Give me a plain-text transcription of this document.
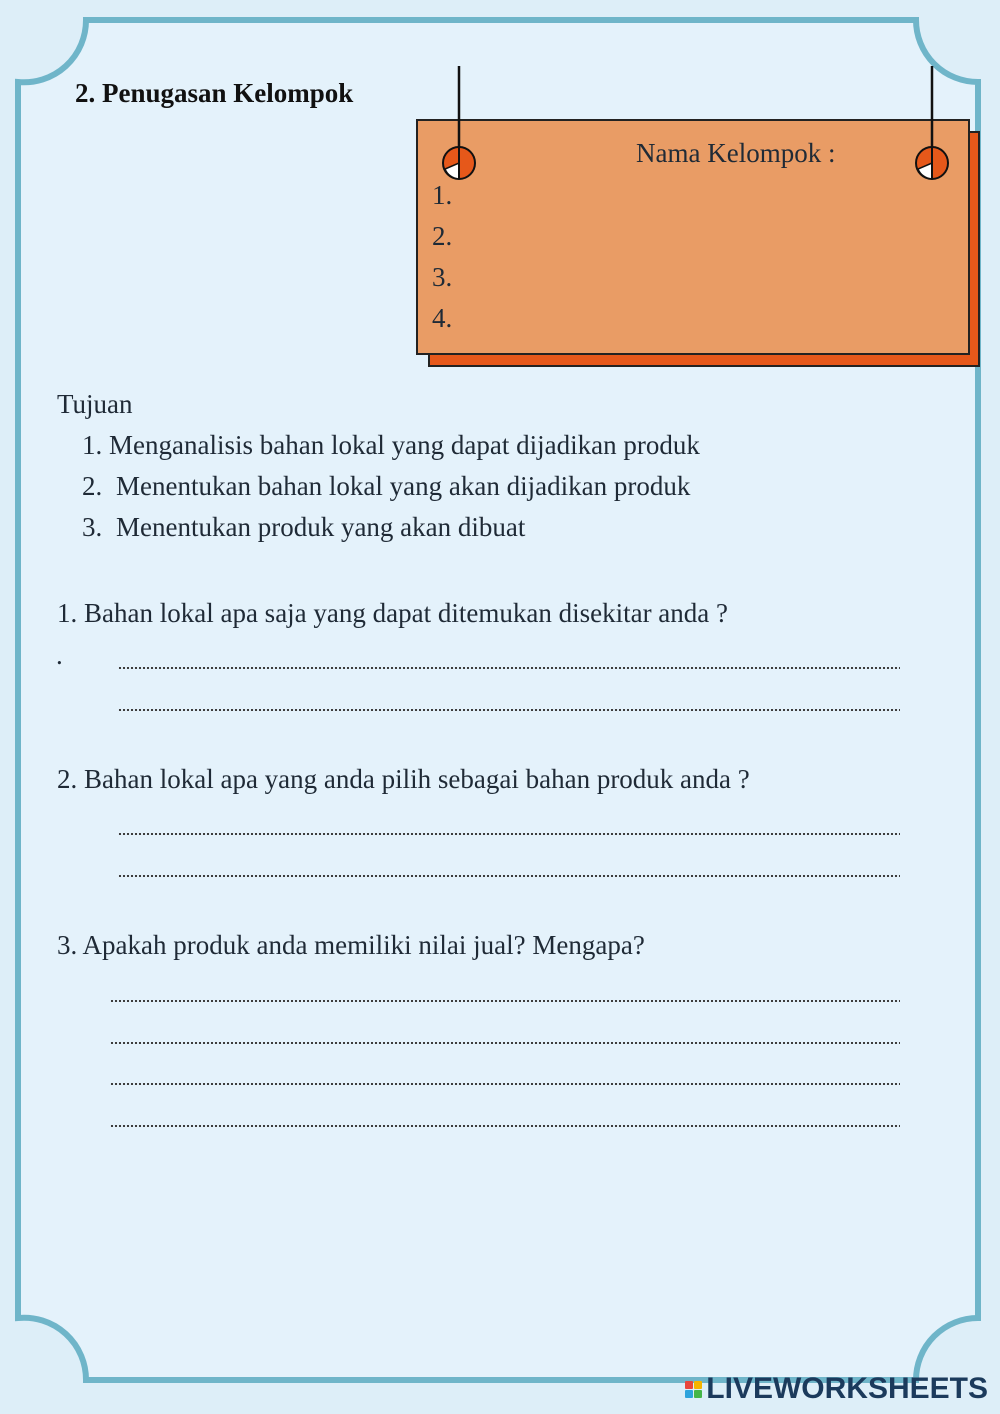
2. Penugasan Kelompok
Nama Kelompok :
1.
2.
3.
4.
Tujuan
1. Menganalisis bahan lokal yang dapat dijadikan produk
2. Menentukan bahan lokal yang akan dijadikan produk
3. Menentukan produk yang akan dibuat
1. Bahan lokal apa saja yang dapat ditemukan disekitar anda ?
.
2. Bahan lokal apa yang anda pilih sebagai bahan produk anda ?
3. Apakah produk anda memiliki nilai jual? Mengapa?
LIVEWORKSHEETS
